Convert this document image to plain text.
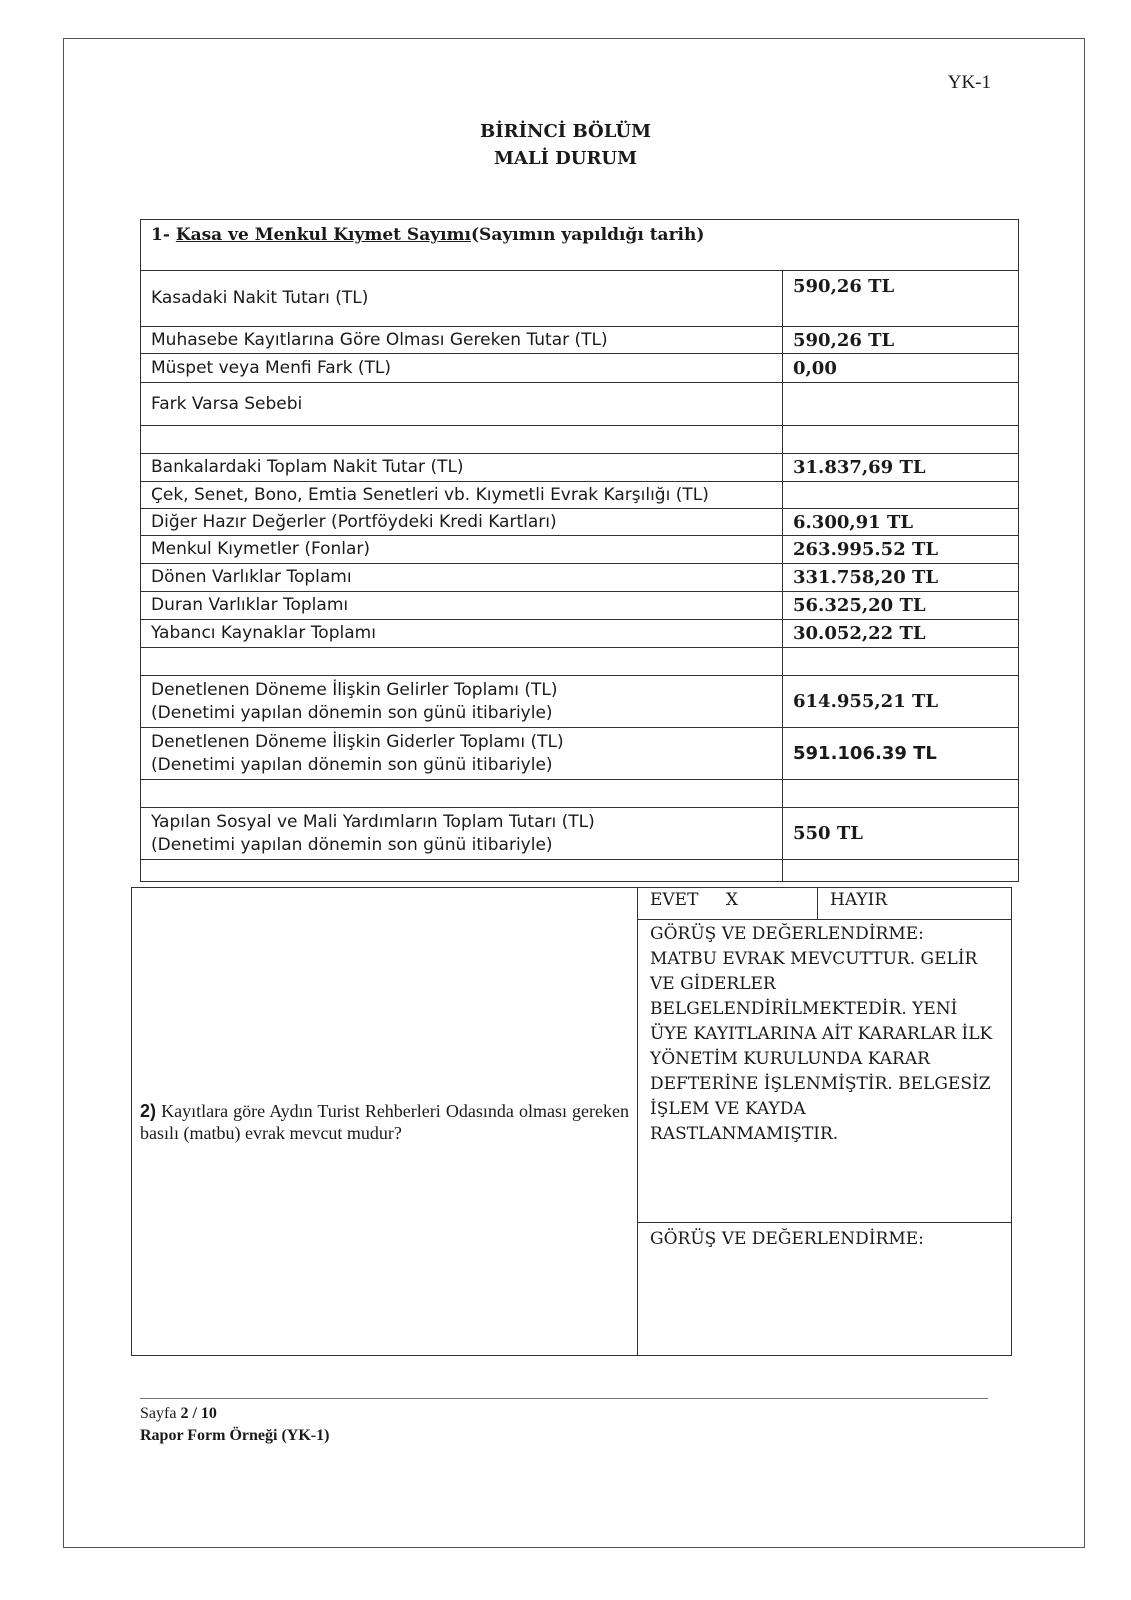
YK-1
BİRİNCİ BÖLÜM
MALİ DURUM
1- Kasa ve Menkul Kıymet Sayımı(Sayımın yapıldığı tarih)	
Kasadaki Nakit Tutarı (TL)	590,26 TL
Muhasebe Kayıtlarına Göre Olması Gereken Tutar (TL)	590,26 TL
Müspet veya Menfi Fark (TL)	0,00
Fark Varsa Sebebi	

Bankalardaki Toplam Nakit Tutar (TL)	31.837,69 TL
Çek, Senet, Bono, Emtia Senetleri vb. Kıymetli Evrak Karşılığı (TL)	
Diğer Hazır Değerler (Portföydeki Kredi Kartları)	6.300,91 TL
Menkul Kıymetler (Fonlar)	263.995.52 TL
Dönen Varlıklar Toplamı	331.758,20 TL
Duran Varlıklar Toplamı	56.325,20 TL
Yabancı Kaynaklar Toplamı	30.052,22 TL

Denetlenen Döneme İlişkin Gelirler Toplamı (TL)
(Denetimi yapılan dönemin son günü itibariyle)	614.955,21 TL

Denetlenen Döneme İlişkin Giderler Toplamı (TL)
(Denetimi yapılan dönemin son günü itibariyle)	591.106.39 TL

Yapılan Sosyal ve Mali Yardımların Toplam Tutarı (TL)
(Denetimi yapılan dönemin son günü itibariyle)	550 TL

2) Kayıtlara göre Aydın Turist Rehberleri Odasında olması gereken basılı (matbu) evrak mevcut mudur?	
EVET X	HAYIR

GÖRÜŞ VE DEĞERLENDİRME:
MATBU EVRAK MEVCUTTUR. GELİR VE GİDERLER BELGELENDİRİLMEKTEDİR. YENİ ÜYE KAYITLARINA AİT KARARLAR İLK YÖNETİM KURULUNDA KARAR DEFTERİNE İŞLENMİŞTİR. BELGESİZ İŞLEM VE KAYDA RASTLANMAMIŞTIR.

GÖRÜŞ VE DEĞERLENDİRME:
Sayfa 2 / 10
Rapor Form Örneği (YK-1)
